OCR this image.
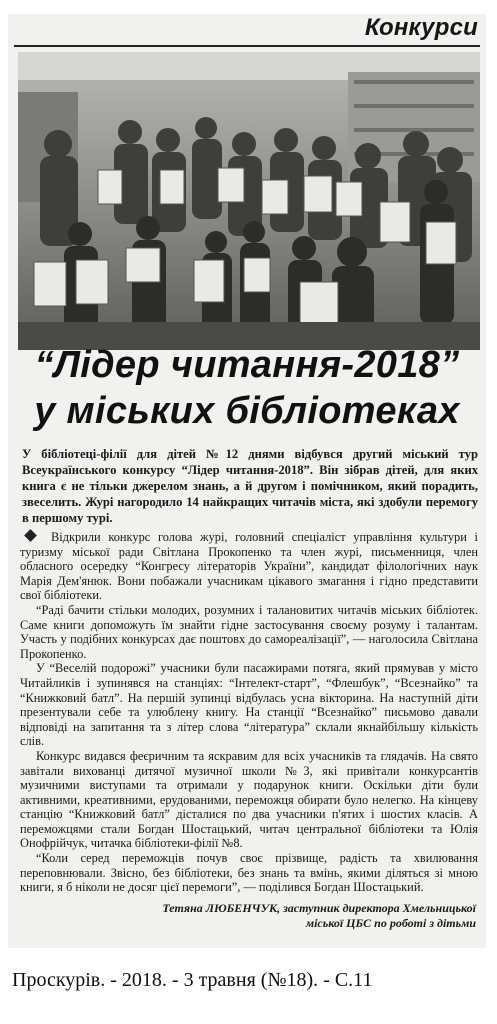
Конкурси
“Лідер читання-2018”
у міських бібліотеках
У бібліотеці-філії для дітей №12 днями відбувся другий міський тур Всеукраїнського конкурсу “Лідер читання-2018”. Він зібрав дітей, для яких книга є не тільки джерелом знань, а й другом і помічником, який порадить, звеселить. Журі нагородило 14 найкращих читачів міста, які здобули перемогу в першому турі.

Відкрили конкурс голова журі, головний спеціаліст управління культури і туризму міської ради Світлана Прокопенко та член журі, письменниця, член обласного осередку “Конгресу літераторів України”, кандидат філологічних наук Марія Дем'янюк. Вони побажали учасникам цікавого змагання і гідно представити свої бібліотеки.

“Раді бачити стільки молодих, розумних і талановитих читачів міських бібліотек. Саме книги допоможуть їм знайти гідне застосування своєму розуму і талантам. Участь у подібних конкурсах дає поштовх до самореалізації”, — наголосила Світлана Прокопенко.

У “Веселій подорожі” учасники були пасажирами потяга, який прямував у місто Читайликів і зупинявся на станціях: “Інтелект-старт”, “Флешбук”, “Всезнайко” та “Книжковий батл”. На першій зупинці відбулась усна вікторина. На наступній діти презентували себе та улюблену книгу. На станції “Всезнайко” письмово давали відповіді на запитання та з літер слова “література” склали якнайбільшу кількість слів.

Конкурс видався феєричним та яскравим для всіх учасників та глядачів. На свято завітали вихованці дитячої музичної школи №3, які привітали конкурсантів музичними виступами та отримали у подарунок книги. Оскільки діти були активними, креативними, ерудованими, переможця обирати було нелегко. На кінцеву станцію “Книжковий батл” дісталися по два учасники п'ятих і шостих класів. А переможцями стали Богдан Шостацький, читач центральної бібліотеки та Юлія Онофрійчук, читачка бібліотеки-філії №8.

“Коли серед переможців почув своє прізвище, радість та хвилювання переповнювали. Звісно, без бібліотеки, без знань та вмінь, якими діляться зі мною книги, я б ніколи не досяг цієї перемоги”, — поділився Богдан Шостацький.

Тетяна ЛЮБЕНЧУК, заступник директора Хмельницької
міської ЦБС по роботі з дітьми
Проскурів. - 2018. - 3 травня (№18). - С.11
